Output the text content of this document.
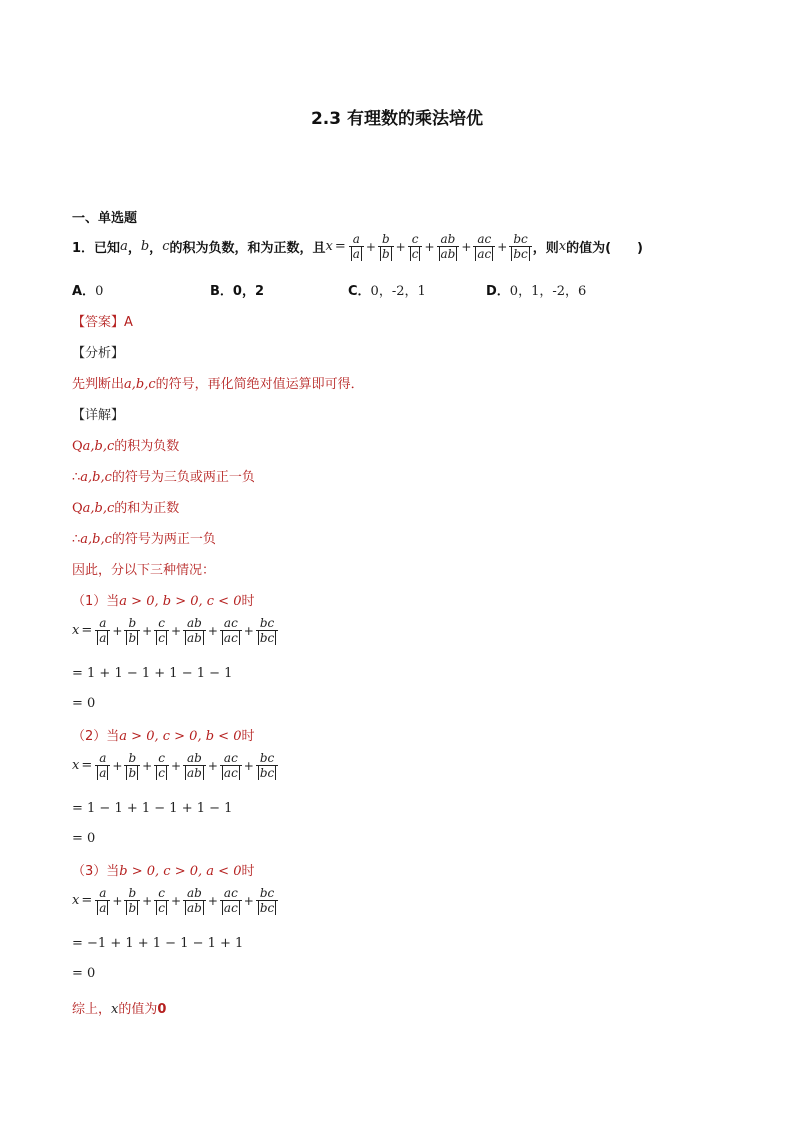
2.3 有理数的乘法培优
一、单选题
1． 已知 a ， b ， c 的积为负数，和为正数，且 $x = \frac{a}{a} + \frac{b}{b} + \frac{c}{c} + \frac{ab}{ab} + \frac{ac}{ac} + \frac{bc}{bc}$ ，则 x 的值为(　　)
A．0	B．0，2	C．0，-2，1	D．0，1，-2，6
【答案】A
【分析】
先判断出a,b,c的符号，再化简绝对值运算即可得．
【详解】
Qa,b,c的积为负数
∴a,b,c的符号为三负或两正一负
Qa,b,c的和为正数
∴a,b,c的符号为两正一负
因此，分以下三种情况：
（1）当a > 0, b > 0, c < 0时
$x = \frac{a}{a} + \frac{b}{b} + \frac{c}{c} + \frac{ab}{ab} + \frac{ac}{ac} + \frac{bc}{bc}$
= 1 + 1 − 1 + 1 − 1 − 1
= 0
（2）当a > 0, c > 0, b < 0时
$x = \frac{a}{a} + \frac{b}{b} + \frac{c}{c} + \frac{ab}{ab} + \frac{ac}{ac} + \frac{bc}{bc}$
= 1 − 1 + 1 − 1 + 1 − 1
= 0
（3）当b > 0, c > 0, a < 0时
$x = \frac{a}{a} + \frac{b}{b} + \frac{c}{c} + \frac{ab}{ab} + \frac{ac}{ac} + \frac{bc}{bc}$
= −1 + 1 + 1 − 1 − 1 + 1
= 0
综上，x的值为0
